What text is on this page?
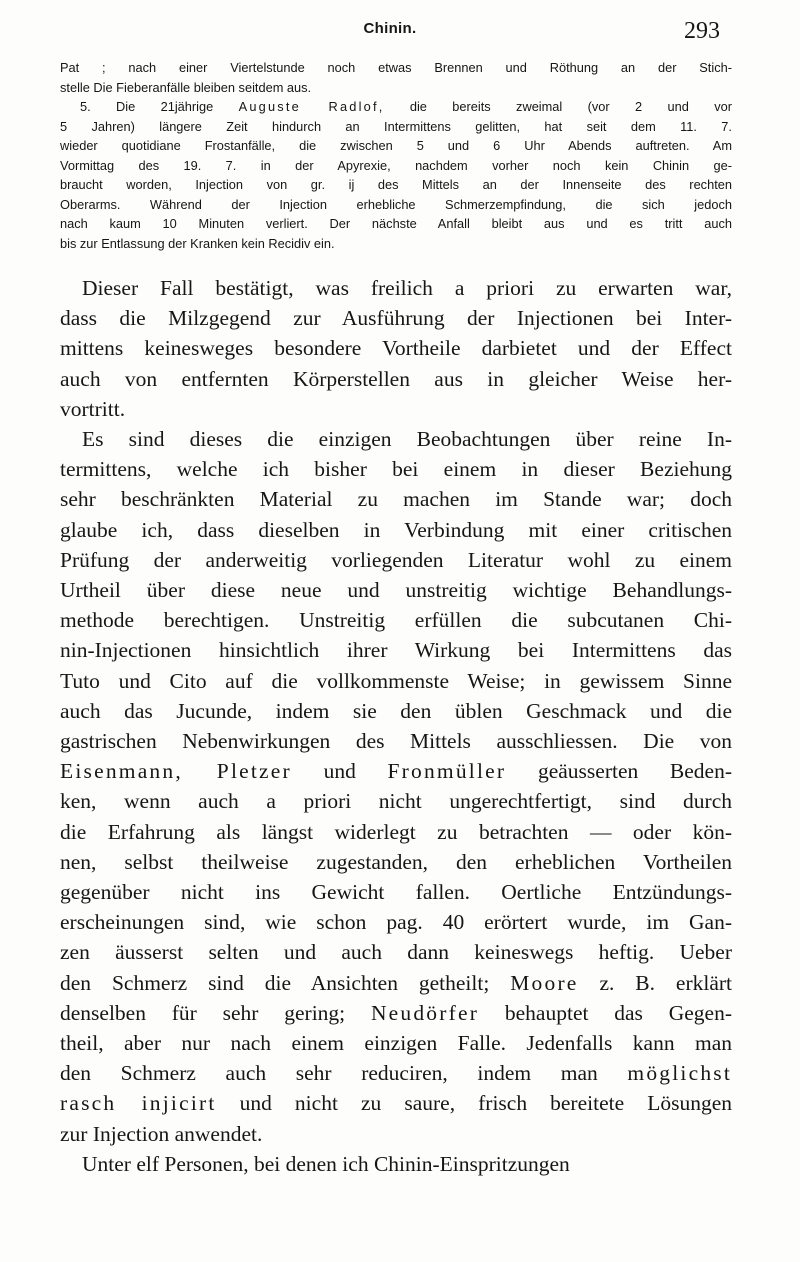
Chinin.	293

Pat ; nach einer Viertelstunde noch etwas Brennen und Röthung an der Stich-
stelle Die Fieberanfälle bleiben seitdem aus.

5. Die 21jährige Auguste Radlof, die bereits zweimal (vor 2 und vor

5 Jahren) längere Zeit hindurch an Intermittens gelitten, hat seit dem 11. 7.
wieder quotidiane Frostanfälle, die zwischen 5 und 6 Uhr Abends auftreten. Am
Vormittag des 19. 7. in der Apyrexie, nachdem vorher noch kein Chinin ge-
braucht worden, Injection von gr. ij des Mittels an der Innenseite des rechten
Oberarms. Während der Injection erhebliche Schmerzempfindung, die sich jedoch
nach kaum 10 Minuten verliert. Der nächste Anfall bleibt aus und es tritt auch
bis zur Entlassung der Kranken kein Recidiv ein.

Dieser Fall bestätigt, was freilich a priori zu erwarten war,
dass die Milzgegend zur Ausführung der Injectionen bei Inter-
mittens keinesweges besondere Vortheile darbietet und der Effect
auch von entfernten Körperstellen aus in gleicher Weise her-
vortritt.

Es sind dieses die einzigen Beobachtungen über reine In-
termittens, welche ich bisher bei einem in dieser Beziehung
sehr beschränkten Material zu machen im Stande war; doch
glaube ich, dass dieselben in Verbindung mit einer critischen
Prüfung der anderweitig vorliegenden Literatur wohl zu einem
Urtheil über diese neue und unstreitig wichtige Behandlungs-
methode berechtigen. Unstreitig erfüllen die subcutanen Chi-
nin-Injectionen hinsichtlich ihrer Wirkung bei Intermittens das
Tuto und Cito auf die vollkommenste Weise; in gewissem Sinne
auch das Jucunde, indem sie den üblen Geschmack und die
gastrischen Nebenwirkungen des Mittels ausschliessen. Die von
Eisenmann, Pletzer und Fronmüller geäusserten Beden-
ken, wenn auch a priori nicht ungerechtfertigt, sind durch
die Erfahrung als längst widerlegt zu betrachten — oder kön-
nen, selbst theilweise zugestanden, den erheblichen Vortheilen
gegenüber nicht ins Gewicht fallen. Oertliche Entzündungs-
erscheinungen sind, wie schon pag. 40 erörtert wurde, im Gan-
zen äusserst selten und auch dann keineswegs heftig. Ueber
den Schmerz sind die Ansichten getheilt; Moore z. B. erklärt
denselben für sehr gering; Neudörfer behauptet das Gegen-
theil, aber nur nach einem einzigen Falle. Jedenfalls kann man
den Schmerz auch sehr reduciren, indem man möglichst
rasch injicirt und nicht zu saure, frisch bereitete Lösungen
zur Injection anwendet.

Unter elf Personen, bei denen ich Chinin-Einspritzungen
